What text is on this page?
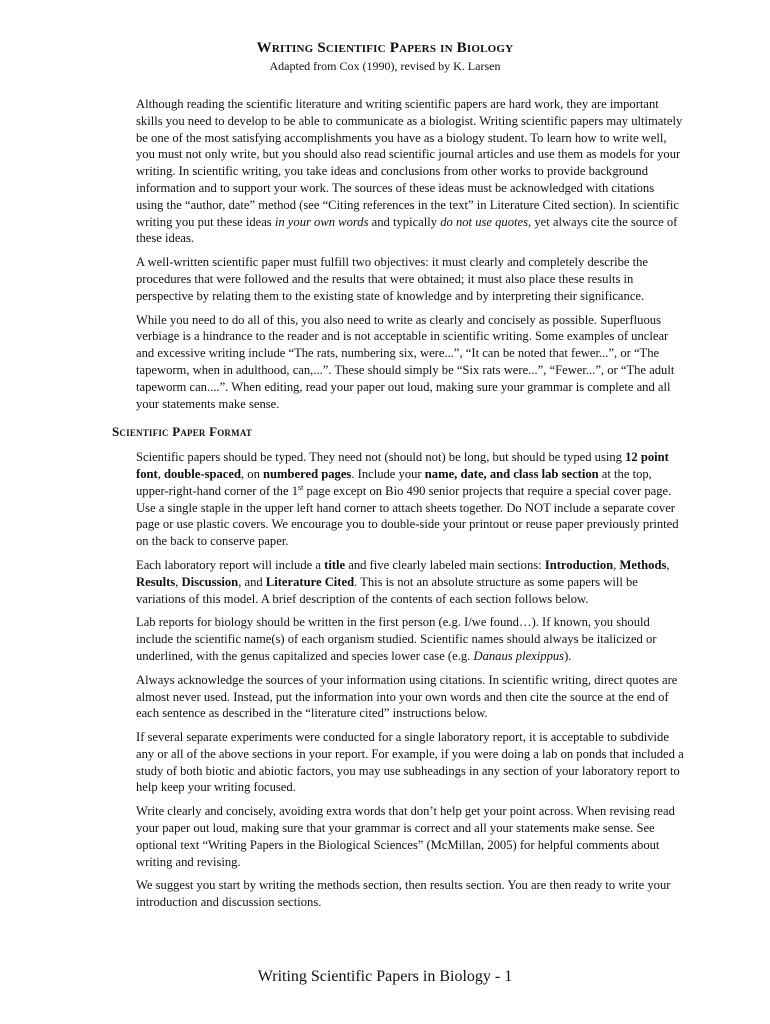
Writing Scientific Papers in Biology
Adapted from Cox (1990), revised by K. Larsen

Although reading the scientific literature and writing scientific papers are hard work, they are important skills you need to develop to be able to communicate as a biologist. Writing scientific papers may ultimately be one of the most satisfying accomplishments you have as a biology student. To learn how to write well, you must not only write, but you should also read scientific journal articles and use them as models for your writing. In scientific writing, you take ideas and conclusions from other works to provide background information and to support your work. The sources of these ideas must be acknowledged with citations using the “author, date” method (see “Citing references in the text” in Literature Cited section). In scientific writing you put these ideas in your own words and typically do not use quotes, yet always cite the source of these ideas.

A well-written scientific paper must fulfill two objectives: it must clearly and completely describe the procedures that were followed and the results that were obtained; it must also place these results in perspective by relating them to the existing state of knowledge and by interpreting their significance.

While you need to do all of this, you also need to write as clearly and concisely as possible. Superfluous verbiage is a hindrance to the reader and is not acceptable in scientific writing. Some examples of unclear and excessive writing include “The rats, numbering six, were...”, “It can be noted that fewer...”, or “The tapeworm, when in adulthood, can,...”. These should simply be “Six rats were...”, “Fewer...”, or “The adult tapeworm can....”. When editing, read your paper out loud, making sure your grammar is complete and all your statements make sense.

Scientific Paper Format

Scientific papers should be typed. They need not (should not) be long, but should be typed using 12 point font, double-spaced, on numbered pages. Include your name, date, and class lab section at the top, upper-right-hand corner of the 1st page except on Bio 490 senior projects that require a special cover page. Use a single staple in the upper left hand corner to attach sheets together. Do NOT include a separate cover page or use plastic covers. We encourage you to double-side your printout or reuse paper previously printed on the back to conserve paper.

Each laboratory report will include a title and five clearly labeled main sections: Introduction, Methods, Results, Discussion, and Literature Cited. This is not an absolute structure as some papers will be variations of this model. A brief description of the contents of each section follows below.

Lab reports for biology should be written in the first person (e.g. I/we found…). If known, you should include the scientific name(s) of each organism studied. Scientific names should always be italicized or underlined, with the genus capitalized and species lower case (e.g. Danaus plexippus).

Always acknowledge the sources of your information using citations. In scientific writing, direct quotes are almost never used. Instead, put the information into your own words and then cite the source at the end of each sentence as described in the “literature cited” instructions below.

If several separate experiments were conducted for a single laboratory report, it is acceptable to subdivide any or all of the above sections in your report. For example, if you were doing a lab on ponds that included a study of both biotic and abiotic factors, you may use subheadings in any section of your laboratory report to help keep your writing focused.

Write clearly and concisely, avoiding extra words that don’t help get your point across. When revising read your paper out loud, making sure that your grammar is correct and all your statements make sense. See optional text “Writing Papers in the Biological Sciences” (McMillan, 2005) for helpful comments about writing and revising.

We suggest you start by writing the methods section, then results section. You are then ready to write your introduction and discussion sections.

Writing Scientific Papers in Biology - 1
